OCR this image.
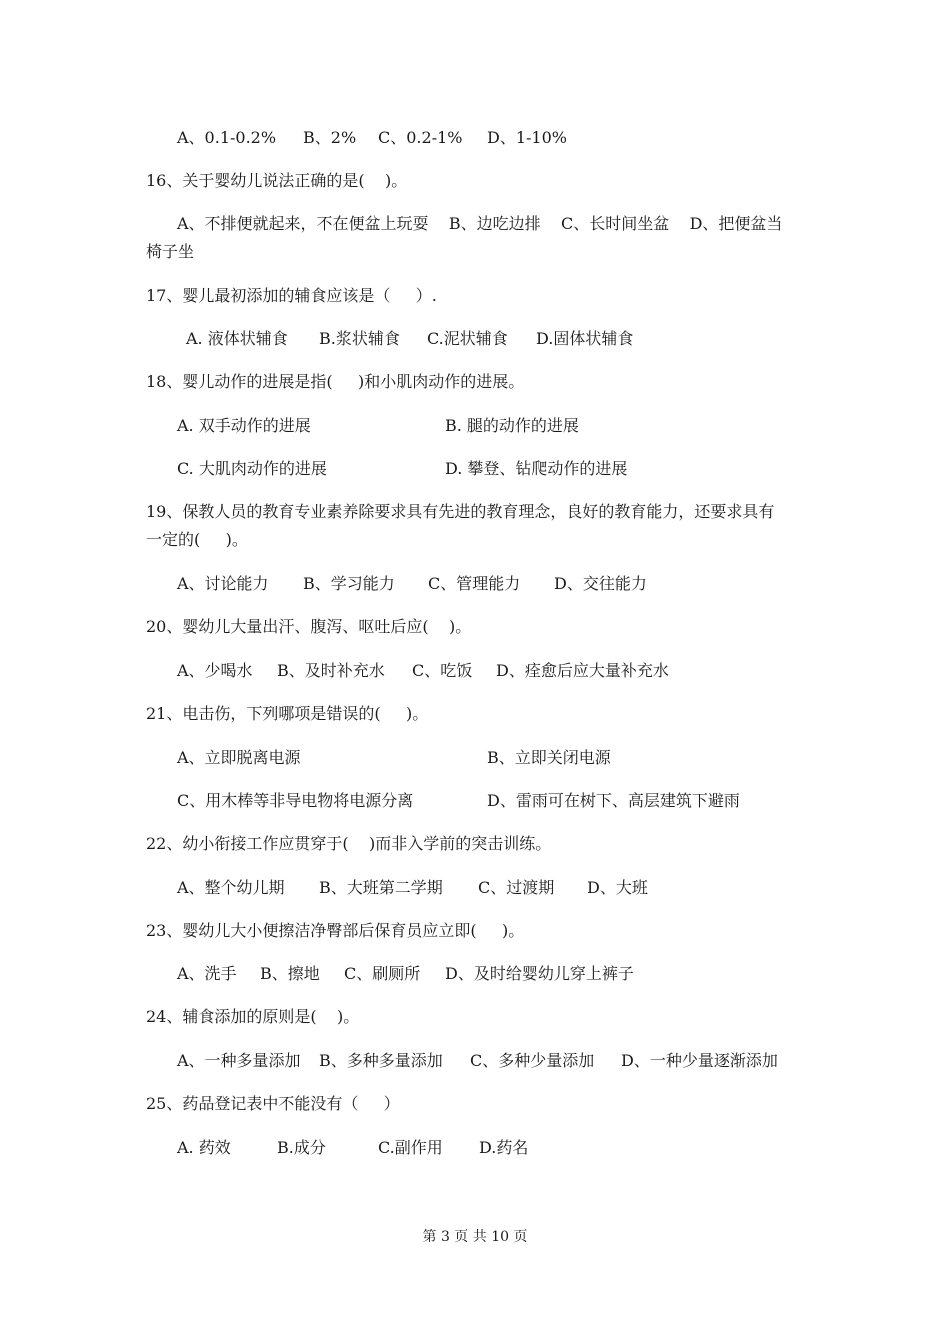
A、0.1-0.2% B、2% C、0.2-1% D、1-10%
16、关于婴幼儿说法正确的是(    )。
A、不排便就起来，不在便盆上玩耍    B、边吃边排    C、长时间坐盆    D、把便盆当
椅子坐
17、婴儿最初添加的辅食应该是（     ）.
A. 液体状辅食 B.浆状辅食 C.泥状辅食 D.固体状辅食
18、婴儿动作的进展是指(     )和小肌肉动作的进展。
A. 双手动作的进展	B. 腿的动作的进展
C. 大肌肉动作的进展	D. 攀登、钻爬动作的进展
19、保教人员的教育专业素养除要求具有先进的教育理念，良好的教育能力，还要求具有
一定的(     )。
A、讨论能力 B、学习能力 C、管理能力 D、交往能力
20、婴幼儿大量出汗、腹泻、呕吐后应(    )。
A、少喝水 B、及时补充水 C、吃饭 D、痊愈后应大量补充水
21、电击伤，下列哪项是错误的(     )。
A、立即脱离电源	B、立即关闭电源
C、用木棒等非导电物将电源分离	D、雷雨可在树下、高层建筑下避雨
22、幼小衔接工作应贯穿于(    )而非入学前的突击训练。
A、整个幼儿期 B、大班第二学期 C、过渡期 D、大班
23、婴幼儿大小便擦洁净臀部后保育员应立即(     )。
A、洗手 B、擦地 C、刷厕所 D、及时给婴幼儿穿上裤子
24、辅食添加的原则是(    )。
A、一种多量添加 B、多种多量添加 C、多种少量添加 D、一种少量逐渐添加
25、药品登记表中不能没有（     ）
A. 药效	B.成分	C.副作用 D.药名
第 3 页 共 10 页
